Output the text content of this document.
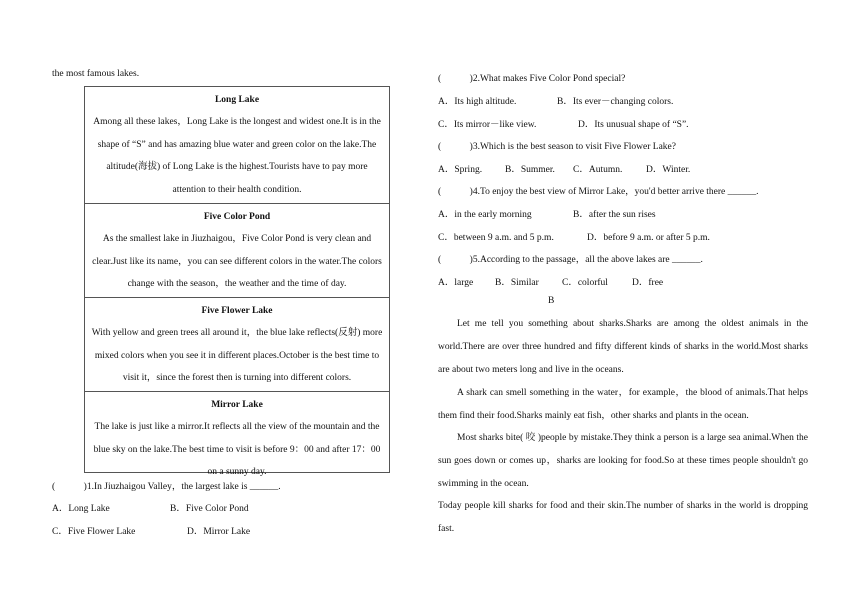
the most famous lakes.
Long Lake
Among all these lakes，Long Lake is the longest and widest one.It is in the shape of “S” and has amazing blue water and green color on the lake.The altitude(海拔) of Long Lake is the highest.Tourists have to pay more attention to their health condition.
Five Color Pond
As the smallest lake in Jiuzhaigou，Five Color Pond is very clean and clear.Just like its name，you can see different colors in the water.The colors change with the season，the weather and the time of day.
Five Flower Lake
With yellow and green trees all around it，the blue lake reflects(反射) more mixed colors when you see it in different places.October is the best time to visit it，since the forest then is turning into different colors.
Mirror Lake
The lake is just like a mirror.It reflects all the view of the mountain and the blue sky on the lake.The best time to visit is before 9：00 and after 17：00 on a sunny day.
(　　　)1.In Jiuzhaigou Valley，the largest lake is ______.
A．Long Lake	B．Five Color Pond
C．Five Flower Lake	D．Mirror Lake
(　　　)2.What makes Five Color Pond special?
A．Its high altitude.	B．Its ever－changing colors.
C．Its mirror－like view.	D．Its unusual shape of “S”.
(　　　)3.Which is the best season to visit Five Flower Lake?
A．Spring. B．Summer. C．Autumn. D．Winter.
(　　　)4.To enjoy the best view of Mirror Lake，you'd better arrive there ______.
A．in the early morning	B．after the sun rises
C．between 9 a.m. and 5 p.m.	D．before 9 a.m. or after 5 p.m.
(　　　)5.According to the passage，all the above lakes are ______.
A．large B．Similar C．colorful	D．free
B
Let me tell you something about sharks.Sharks are among the oldest animals in the world.There are over three hundred and fifty different kinds of sharks in the world.Most sharks are about two meters long and live in the oceans.
A shark can smell something in the water，for example，the blood of animals.That helps them find their food.Sharks mainly eat fish，other sharks and plants in the ocean.
Most sharks bite( 咬 )people by mistake.They think a person is a large sea animal.When the sun goes down or comes up，sharks are looking for food.So at these times people shouldn't go swimming in the ocean.
Today people kill sharks for food and their skin.The number of sharks in the world is dropping fast.
